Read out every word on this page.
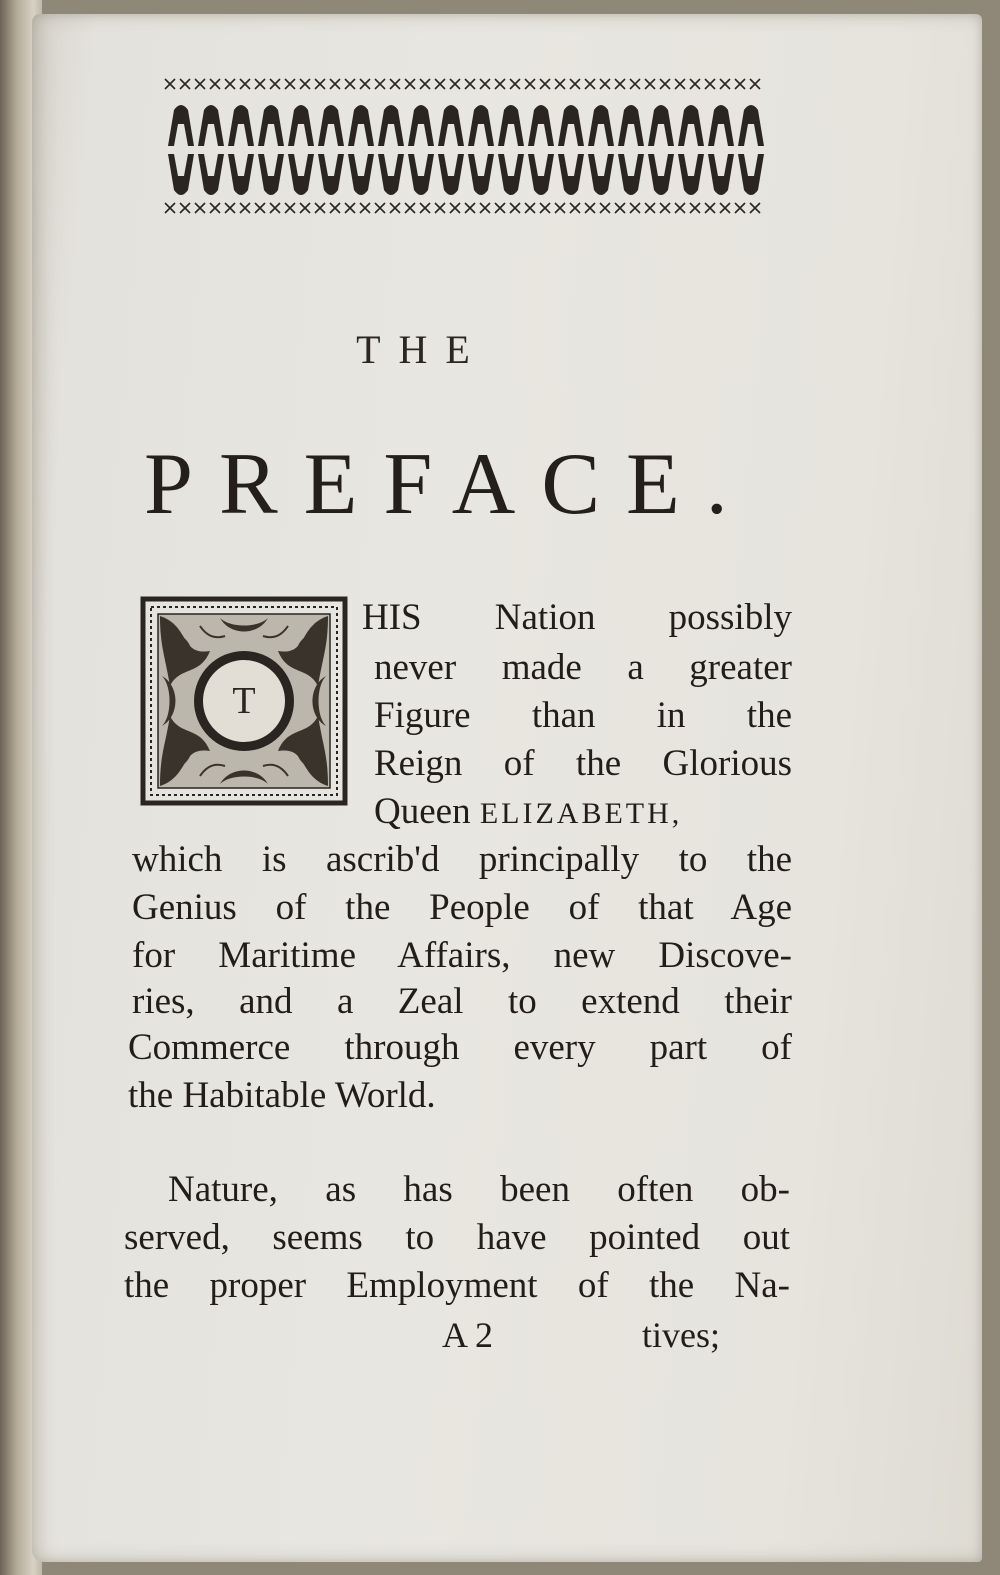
THE
PREFACE.
T
HIS Nation possibly
never made a greater
Figure than in the
Reign of the Glorious
Queen ELIZABETH,
which is ascrib'd principally to the
Genius of the People of that Age
for Maritime Affairs, new Discove-
ries, and a Zeal to extend their
Commerce through every part of
the Habitable World.
Nature, as has been often ob-
served, seems to have pointed out
the proper Employment of the Na-
A 2	tives;
